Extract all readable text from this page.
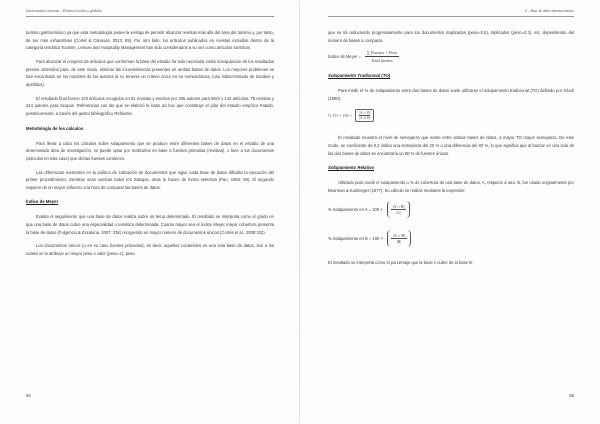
Gastronomía y turismo – Destinos locales y globales

turismo gastronómico ya que esta metodología posee la ventaja de permitir alcanzar revistas más allá del área del turismo y, por tanto, de ser más exhaustivas (Cortel & Cánovas, 2013: 59). Por otro lado, los artículos publicados en revistas incluidas dentro de la categoría temática Tourism, Leisure and Hospitality Management han sido considerados a su vez como artículos turísticos.

Para alcanzar el conjunto de artículos que conforman la base del estudio ha sido necesaria cierta manipulación de los resultados previos obtenidos para, de este modo, eliminar las inconsistencias presentes en ambas bases de datos. Los mayores problemas se han encontrado en los nombres de los autores al no tenerse un criterio único en su nomenclatura, (uso indiscriminado de iniciales y apellidos).

El resultado final fueron 133 artículos recogidos en 61 revistas y escritos por 265 autores para WoS y 142 artículos, 75 revistas y 244 autores para Scopus. Referencias con las que se elaboró la base ad hoc que constituye el pilar del estudio empírico tratado, posteriormente, a través del gestor bibliográfico Refworks.

Metodología de los cálculos

Para llevar a cabo los cálculos sobre solapamiento que se produce entre diferentes bases de datos en el estudio de una determinada área de investigación, se puede optar por realizarlos en base a fuentes primarias (revistas), o bien a los documentos (artículos en este caso) que dichas fuentes contienen.

Las diferencias existentes en la política de indización de documentos que sigue cada base de datos dificulta la ejecución del primer procedimiento, mientras unas vuelcan todos los trabajos, otras lo hacen de forma selectiva (Pao, 1993: 99). El segundo requiere de un mayor esfuerzo a la hora de comparar las bases de datos.

Índice de Meyer

Evalúa el seguimiento que una base de datos realiza sobre un tema determinado. El resultado se interpreta como el grado en que una base de datos cubre una especialidad o temática determinada. Cuanto mayor sea el índice Meyer mayor cobertura presenta la base de datos (Fulgencio & Escalona, 2007: 338) recogiendo un mayor número de documentos únicos (Cortés et al., 2008:332).

Los documentos únicos (o en su caso fuentes primarias), es decir, aquellos contenidos en una sola base de datos, son a los cuales se le atribuye un mayor peso o valor (peso=1), peso

58
6 – Base de datos internacionales

que se irá reduciendo progresivamente para los documentos duplicados (peso=0,5), triplicados (peso=0,3), etc, dependiendo del número de bases a comparar.

Índice de Meyer = $\frac{\text{∑ Fuentes × Peso}}{\text{Total fuentes}}$
Solapamiento Tradicional (TO)

Para medir el % de solapamiento entre dos bases de datos suele utilizarse el solapamiento tradicional (TO) definido por Gluck (1990).

% TO = $100 \times \frac{|A \cap B|}{|A \cup B|}$

El resultado muestra el nivel de semejanza que existe entre ambas bases de datos, a mayor TO mayor semejanza. De este modo, un coeficiente de 0,2 indica una semejanza del 20 % o una diferencia del 80 %, lo que significa que al buscar en una sola de las dos bases de datos se encontraría un 80 % de fuentes únicas.

Solapamiento Relativo

Utilizado para medir el solapamiento o % de cobertura de una base de datos, A, respecto a otra, B, fue usado originalmente por Bearman & Kunberger (1977). Su cálculo se realiza mediante la expresión:

% Solapamiento en $A = 100 \times \frac{|A \cap B|}{|A|}$
% Solapamiento en $B = 100 \times \frac{|A \cap B|}{|B|}$

El resultado se interpreta como el porcentaje que la base A cubre de la base B.

59
